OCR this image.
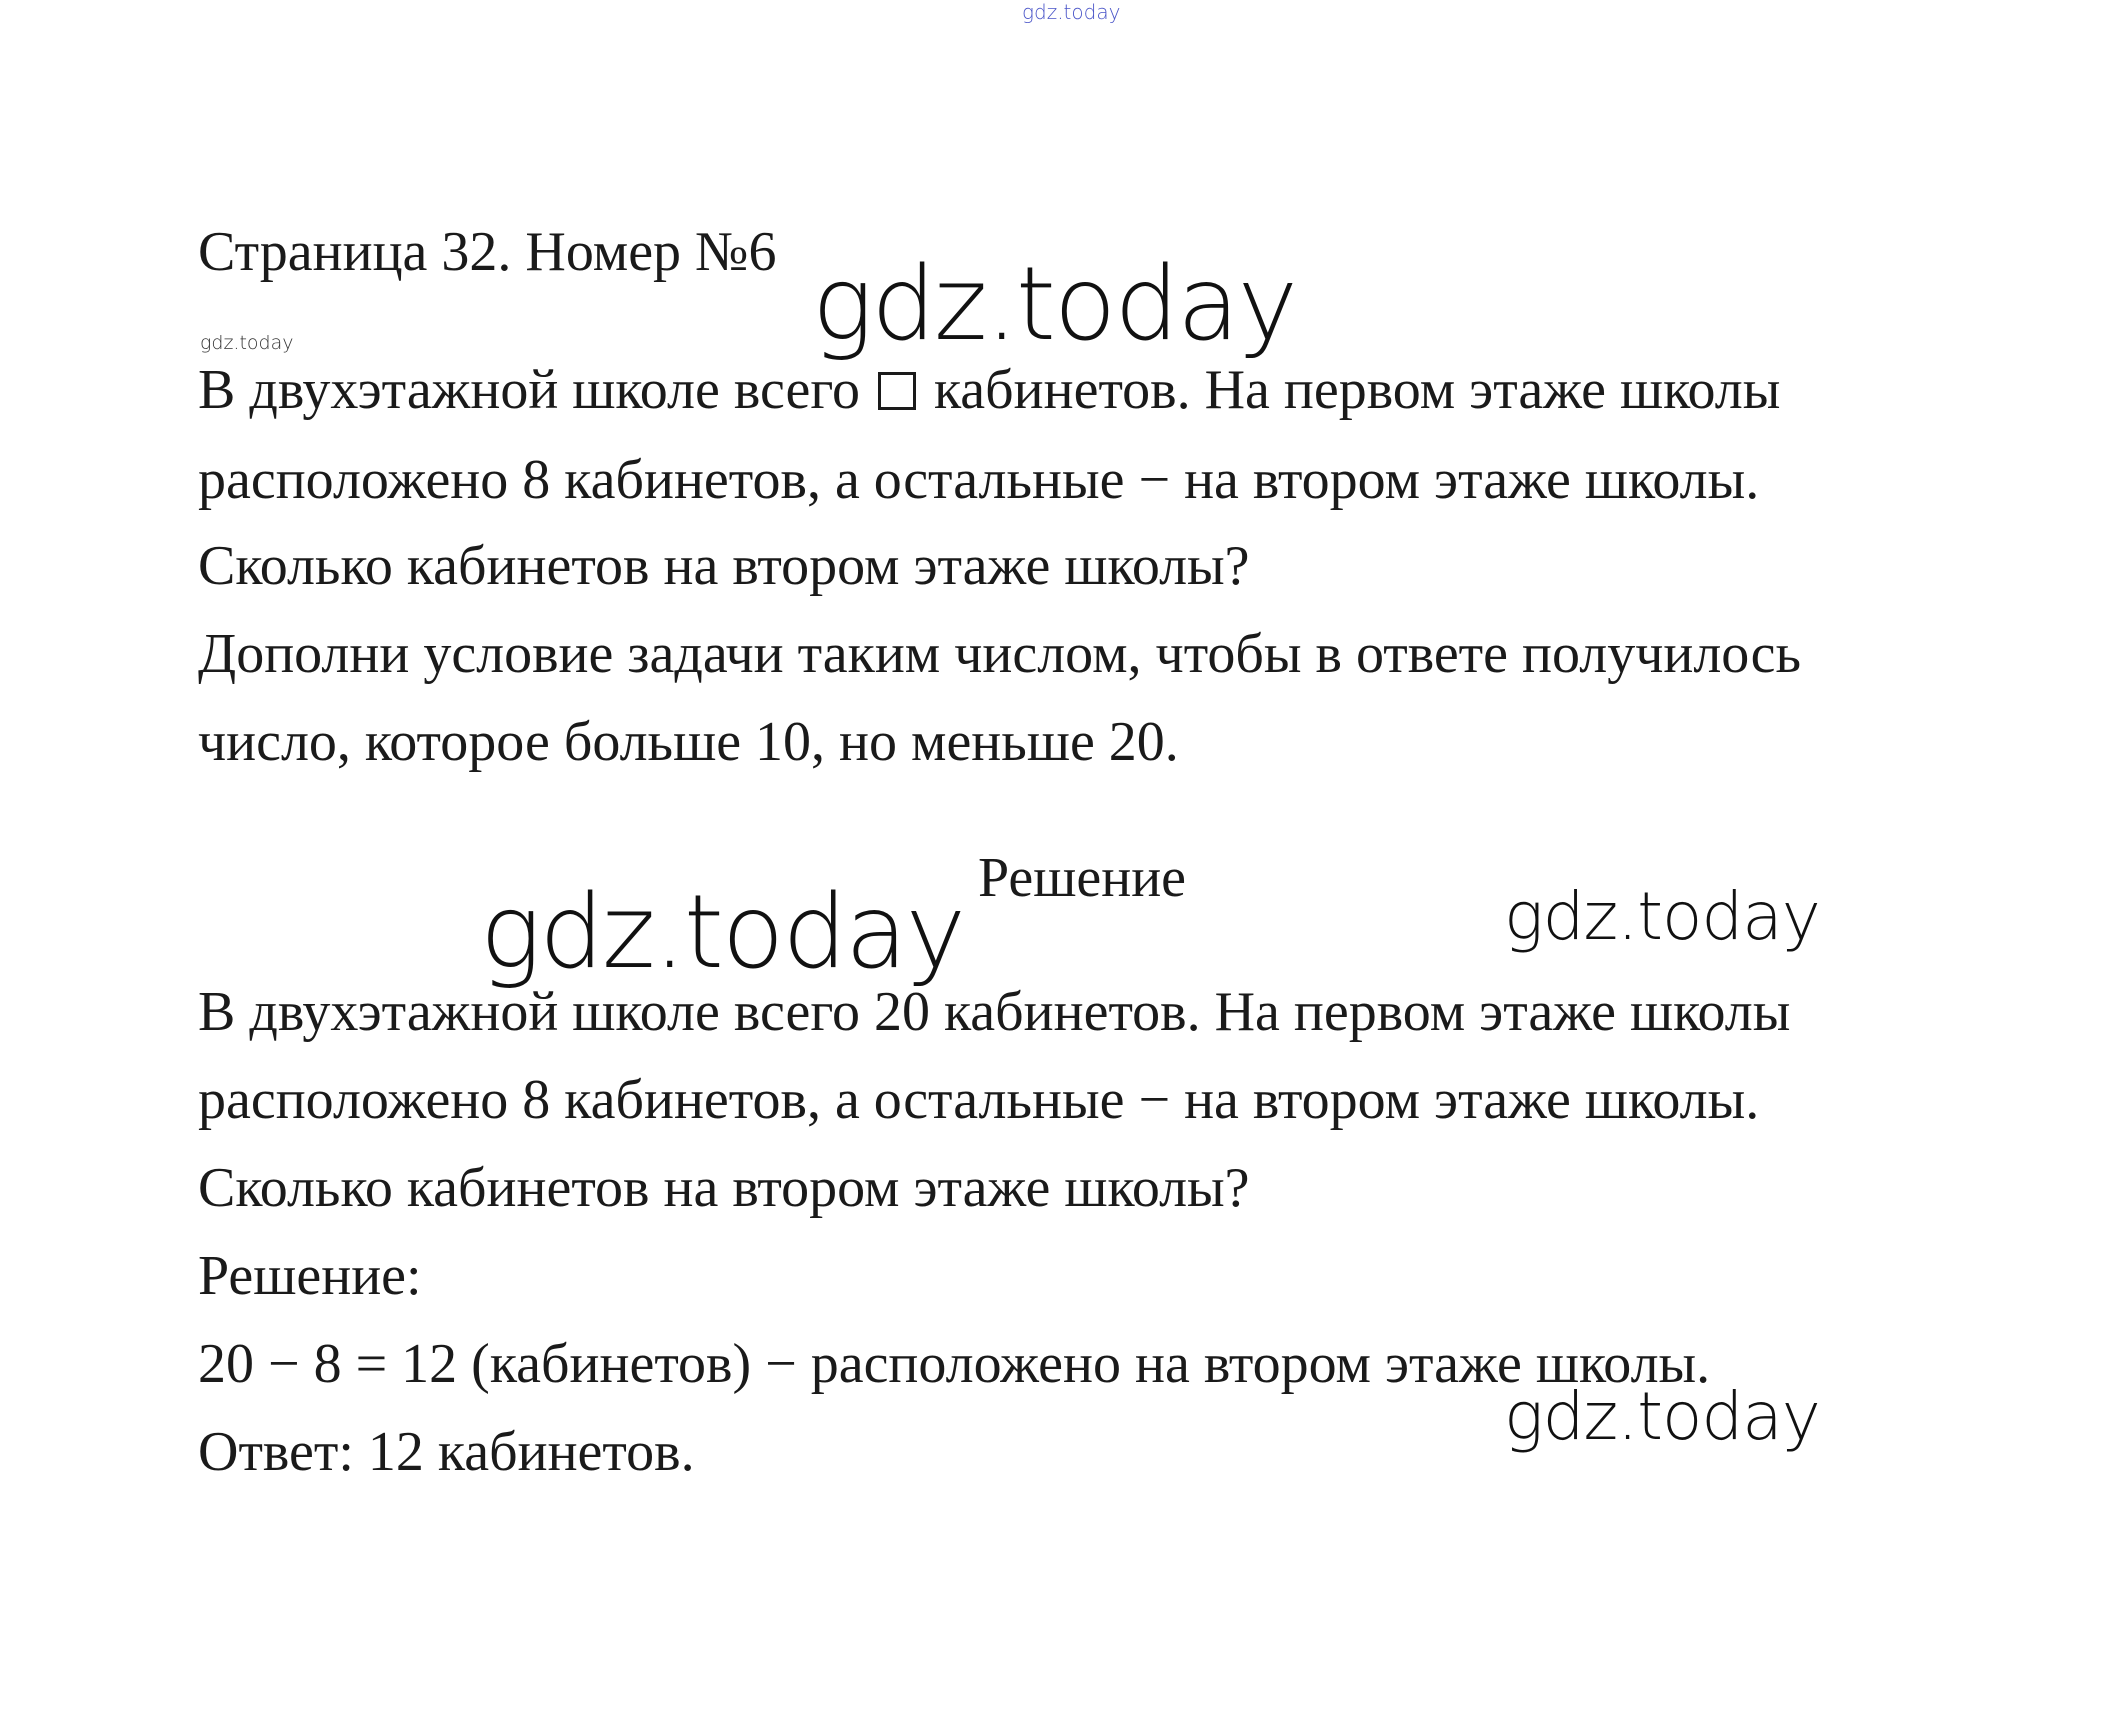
gdz.today
gdz.today	gdz.today
Страница 32. Номер №6
В двухэтажной школе всего кабинетов. На первом этаже школы
расположено 8 кабинетов, а остальные − на втором этаже школы.
Сколько кабинетов на втором этаже школы?
Дополни условие задачи таким числом, чтобы в ответе получилось
число, которое больше 10, но меньше 20.
Решение
gdz.today	gdz.today
В двухэтажной школе всего 20 кабинетов. На первом этаже школы
расположено 8 кабинетов, а остальные − на втором этаже школы.
Сколько кабинетов на втором этаже школы?
Решение:
20 − 8 = 12 (кабинетов) − расположено на втором этаже школы.
Ответ: 12 кабинетов.	gdz.today
